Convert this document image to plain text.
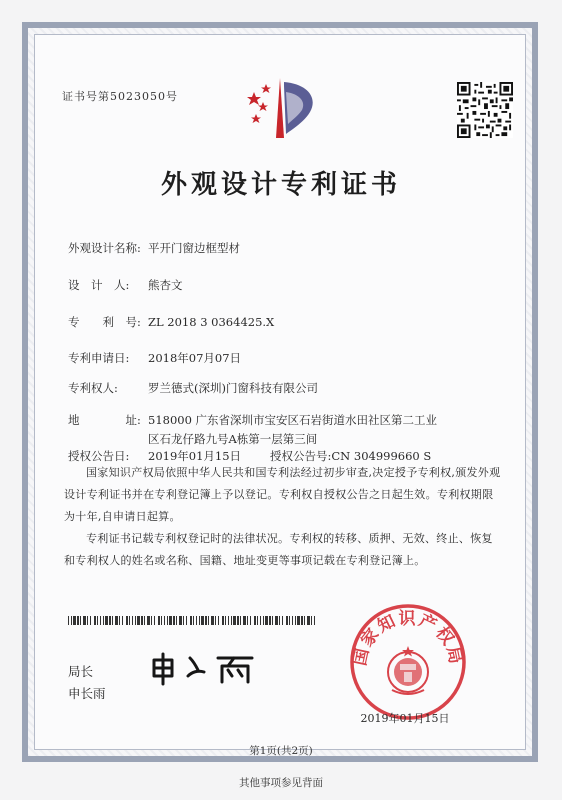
证书号第5023050号
外观设计专利证书
外观设计名称: 平开门窗边框型材
设　计　人: 熊杏文
专　　利　号: ZL 2018 3 0364425.X
专利申请日: 2018年07月07日
专利权人:	罗兰德式(深圳)门窗科技有限公司
地　　　　址: 518000 广东省深圳市宝安区石岩街道水田社区第二工业
区石龙仔路九号A栋第一层第三间
授权公告日: 2019年01月15日	授权公告号:CN 304999660 S
国家知识产权局依照中华人民共和国专利法经过初步审查,决定授予专利权,颁发外观设计专利证书并在专利登记簿上予以登记。专利权自授权公告之日起生效。专利权期限为十年,自申请日起算。
专利证书记载专利权登记时的法律状况。专利权的转移、质押、无效、终止、恢复和专利权人的姓名或名称、国籍、地址变更等事项记载在专利登记簿上。
局长
申长雨
国家知识产权局
2019年01月15日
第1页(共2页)
其他事项参见背面
